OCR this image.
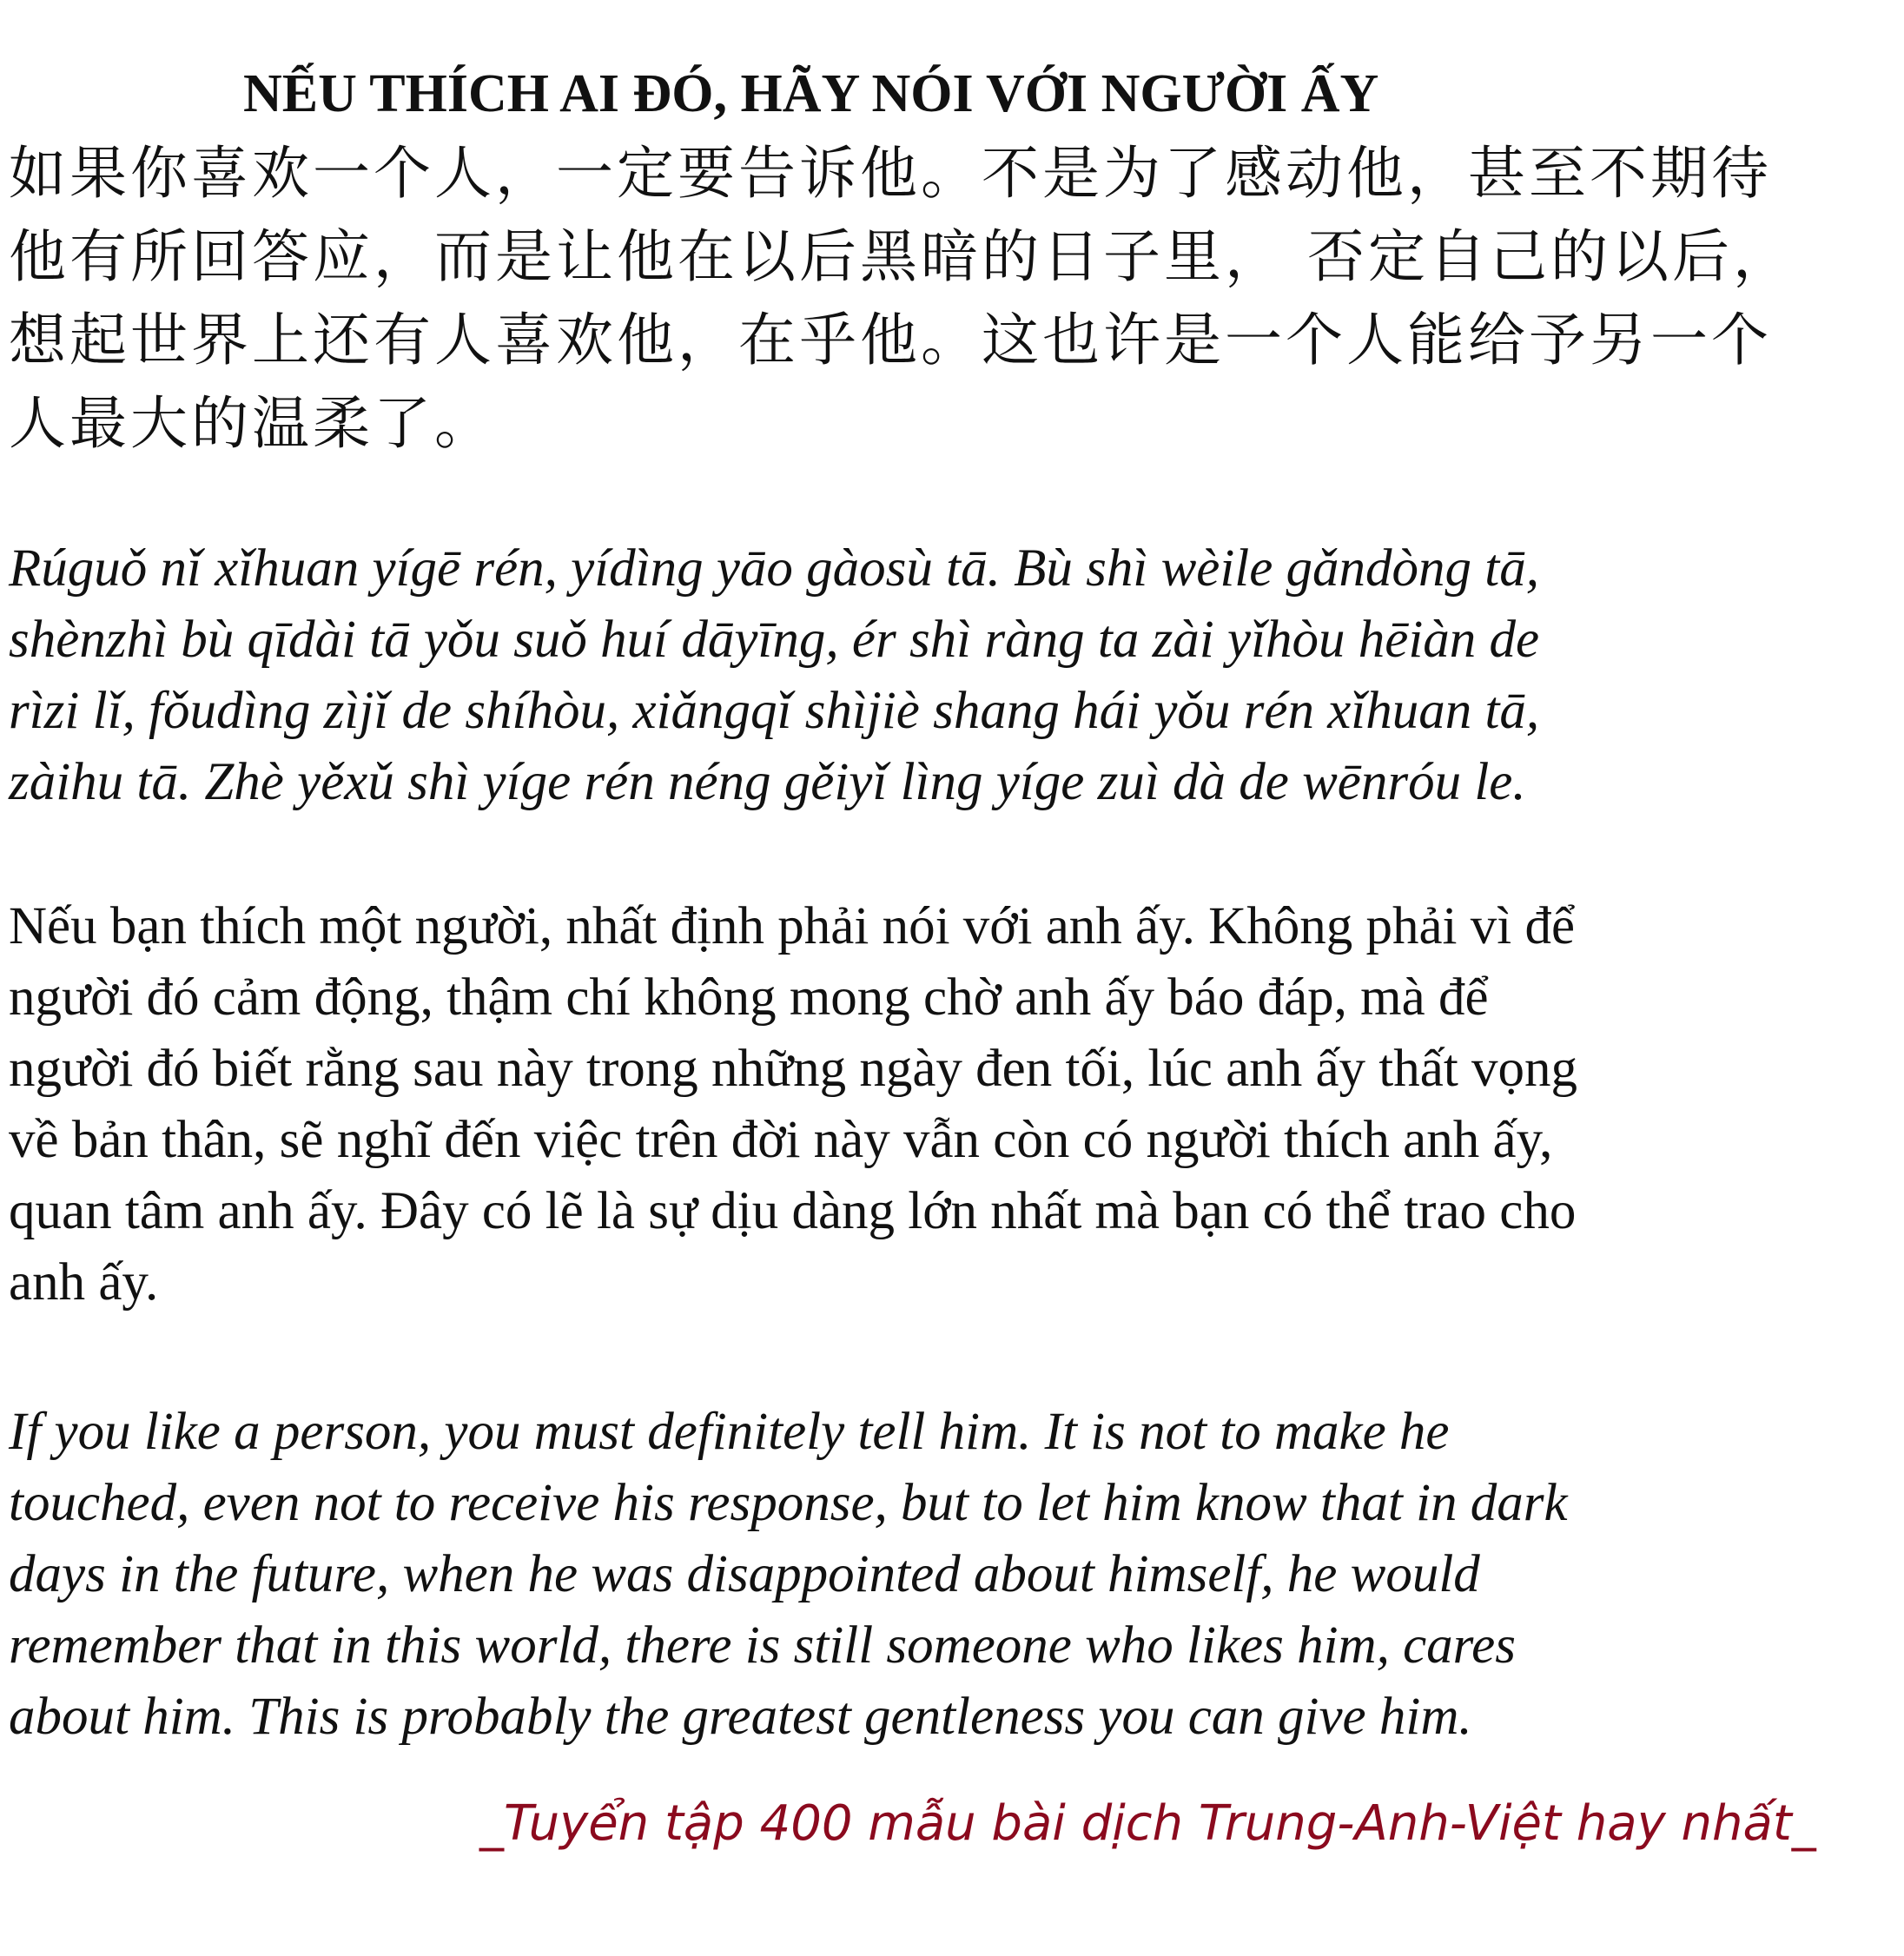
NẾU THÍCH AI ĐÓ, HÃY NÓI VỚI NGƯỜI ẤY

如果你喜欢一个人，一定要告诉他。不是为了感动他，甚至不期待
他有所回答应，而是让他在以后黑暗的日子里， 否定自己的以后，
想起世界上还有人喜欢他，在乎他。这也许是一个人能给予另一个
人最大的温柔了。

Rúguǒ nǐ xǐhuan yígē rén, yídìng yāo gàosù tā. Bù shì wèile gǎndòng tā,
shènzhì bù qīdài tā yǒu suǒ huí dāyīng, ér shì ràng ta zài yǐhòu hēiàn de
rìzi lǐ, fǒudìng zìjǐ de shíhòu, xiǎngqǐ shìjiè shang hái yǒu rén xǐhuan tā,
zàihu tā. Zhè yěxǔ shì yíge rén néng gěiyǐ lìng yíge zuì dà de wēnróu le.

Nếu bạn thích một người, nhất định phải nói với anh ấy. Không phải vì để
người đó cảm động, thậm chí không mong chờ anh ấy báo đáp, mà để
người đó biết rằng sau này trong những ngày đen tối, lúc anh ấy thất vọng
về bản thân, sẽ nghĩ đến việc trên đời này vẫn còn có người thích anh ấy,
quan tâm anh ấy. Đây có lẽ là sự dịu dàng lớn nhất mà bạn có thể trao cho
anh ấy.

If you like a person, you must definitely tell him. It is not to make he
touched, even not to receive his response, but to let him know that in dark
days in the future, when he was disappointed about himself, he would
remember that in this world, there is still someone who likes him, cares
about him. This is probably the greatest gentleness you can give him.

_Tuyển tập 400 mẫu bài dịch Trung-Anh-Việt hay nhất_
